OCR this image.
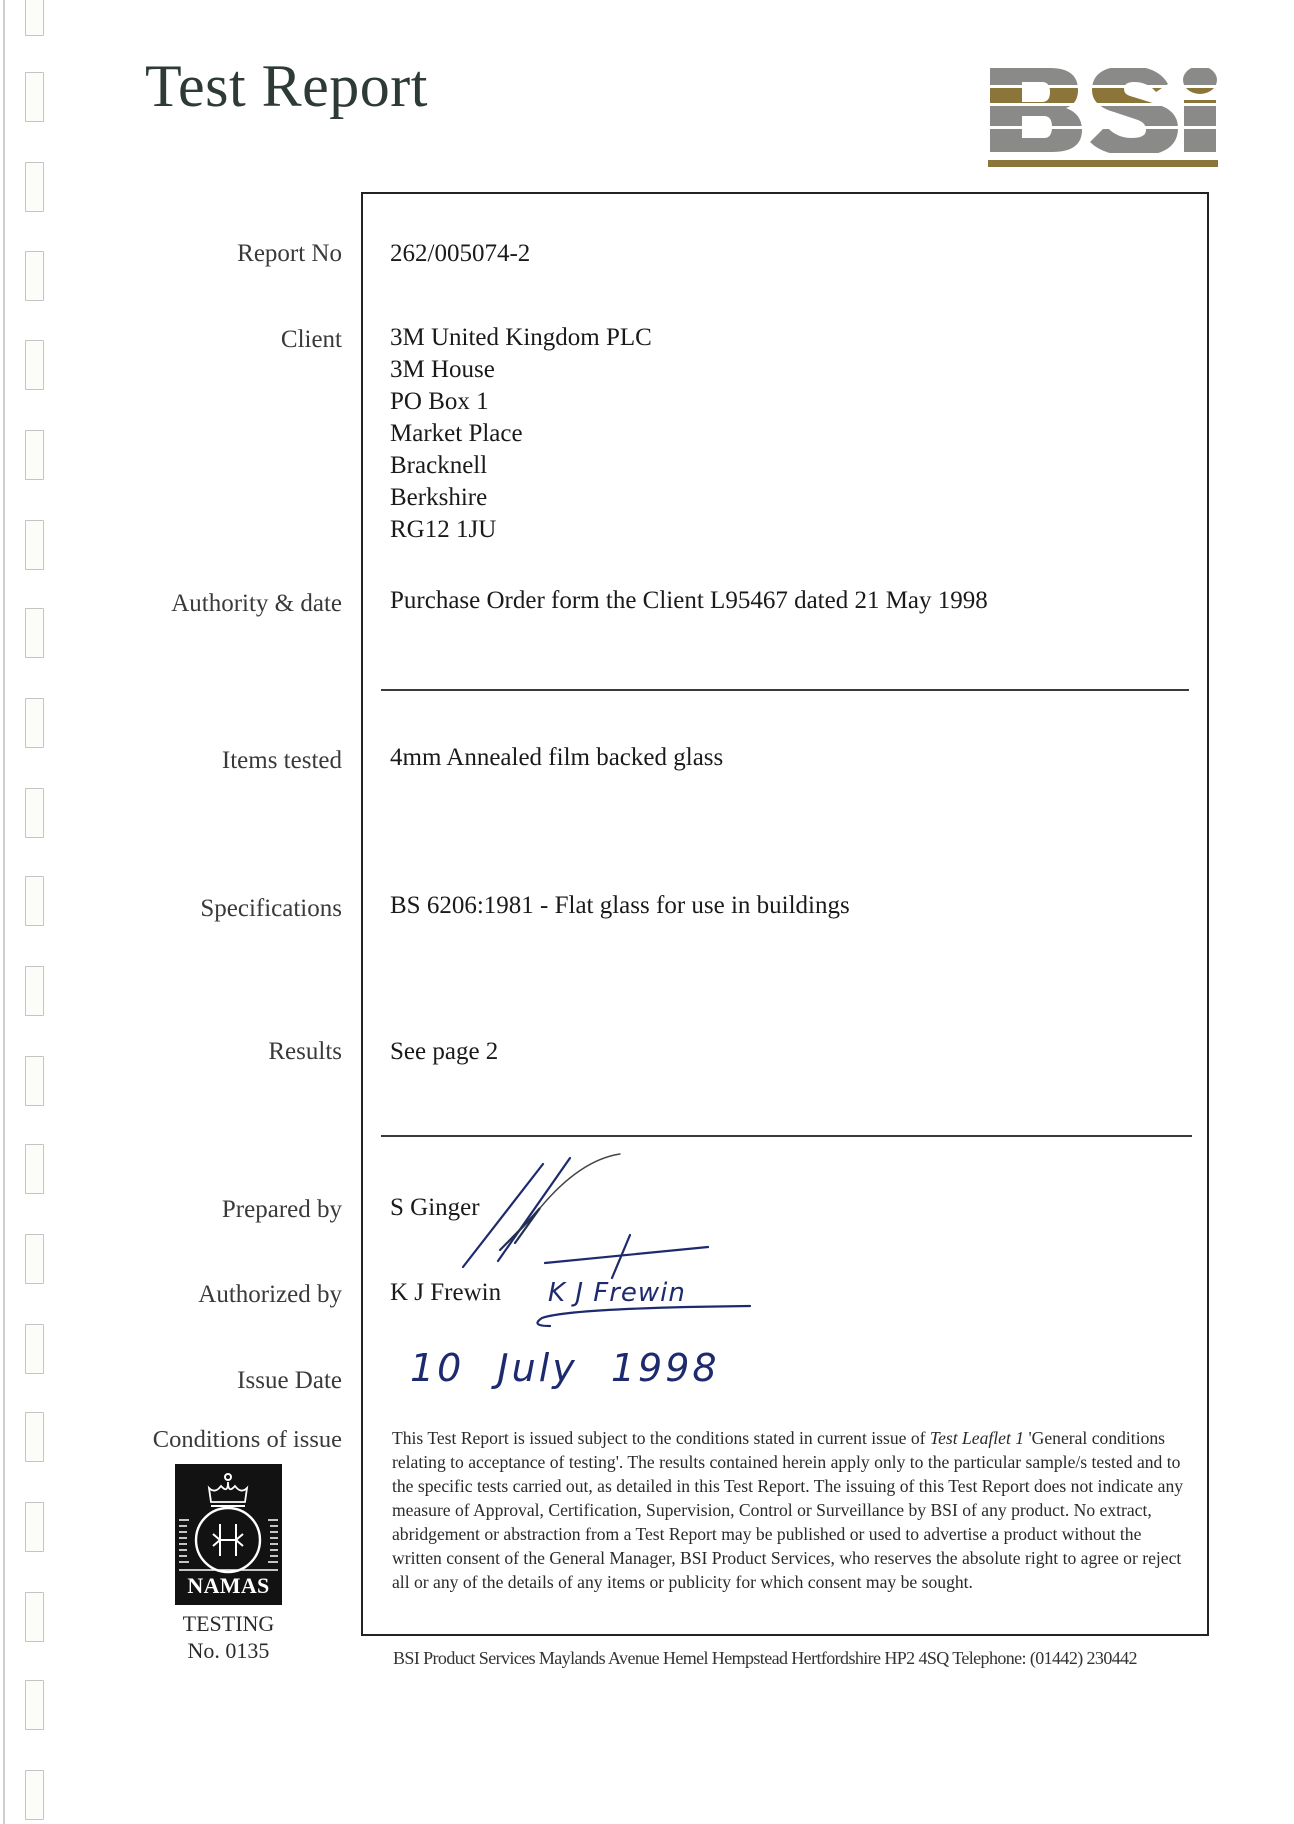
Test Report
Report No 262/005074-2
Client 3M United Kingdom PLC
3M House
PO Box 1
Market Place
Bracknell
Berkshire
RG12 1JU
Authority & date Purchase Order form the Client L95467 dated 21 May 1998
Items tested 4mm Annealed film backed glass
Specifications BS 6206:1981 - Flat glass for use in buildings
Results See page 2
Prepared by S Ginger
Authorized by K J Frewin
Issue Date
K J Frewin
10 July 1998
Conditions of issue	This Test Report is issued subject to the conditions stated in current issue of Test Leaflet 1 'General conditions relating to acceptance of testing'. The results contained herein apply only to the particular sample/s tested and to the specific tests carried out, as detailed in this Test Report. The issuing of this Test Report does not indicate any measure of Approval, Certification, Supervision, Control or Surveillance by BSI of any product. No extract, abridgement or abstraction from a Test Report may be published or used to advertise a product without the written consent of the General Manager, BSI Product Services, who reserves the absolute right to agree or reject all or any of the details of any items or publicity for which consent may be sought.
NAMAS
TESTING
No. 0135	BSI Product Services Maylands Avenue Hemel Hempstead Hertfordshire HP2 4SQ Telephone: (01442) 230442
